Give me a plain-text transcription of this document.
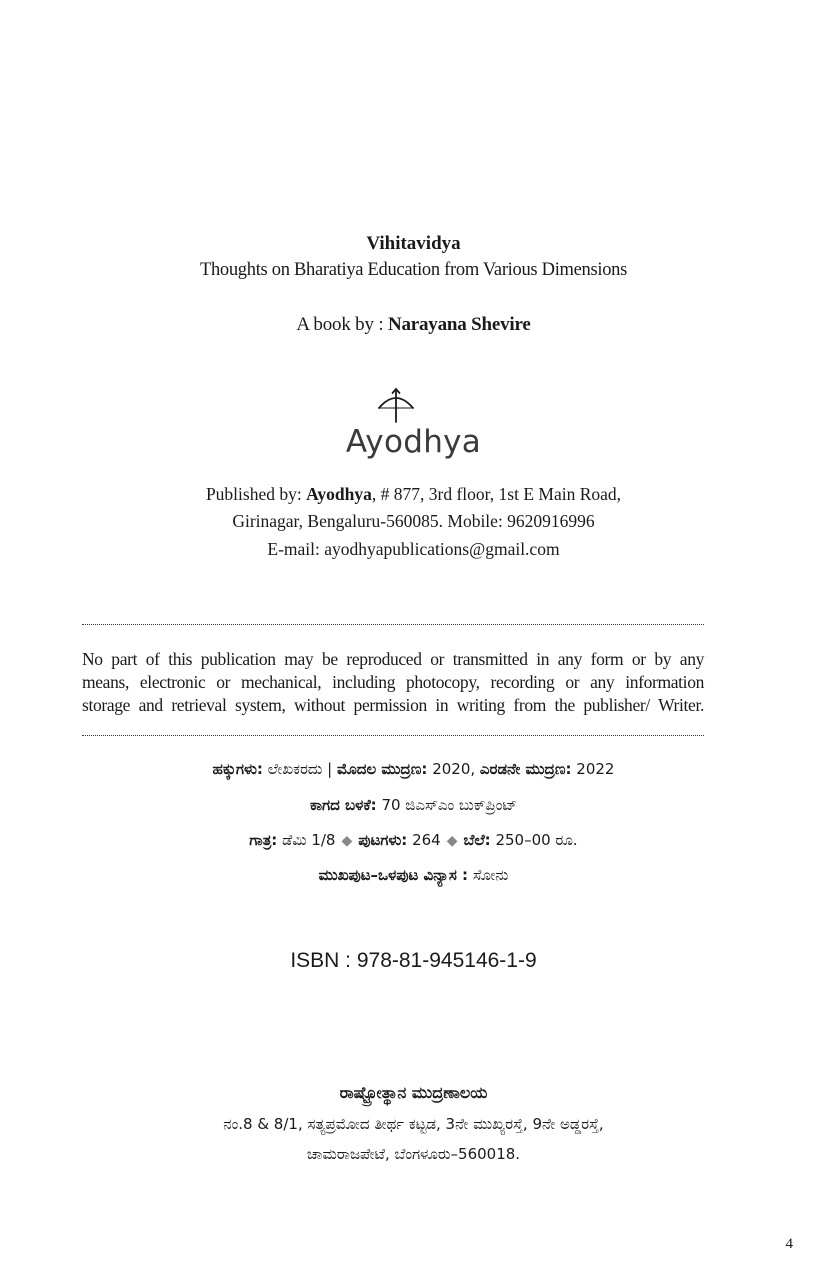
Vihitavidya
Thoughts on Bharatiya Education from Various Dimensions
A book by : Narayana Shevire
Ayodhya
Published by: Ayodhya, # 877, 3rd floor, 1st E Main Road,
Girinagar, Bengaluru-560085. Mobile: 9620916996
E-mail: ayodhyapublications@gmail.com
No part of this publication may be reproduced or transmitted in any form or by any
means, electronic or mechanical, including photocopy, recording or any information
storage and retrieval system, without permission in writing from the publisher/ Writer.
ಹಕ್ಕುಗಳು: ಲೇಖಕರದು | ಮೊದಲ ಮುದ್ರಣ: 2020, ಎರಡನೇ ಮುದ್ರಣ: 2022
ಕಾಗದ ಬಳಕೆ: 70 ಜಿಎಸ್‌ಎಂ ಬುಕ್‌ಪ್ರಿಂಟ್
ಗಾತ್ರ: ಡೆಮಿ 1/8 ◆ ಪುಟಗಳು: 264 ◆ ಬೆಲೆ: 250–00 ರೂ.
ಮುಖಪುಟ–ಒಳಪುಟ ವಿನ್ಯಾಸ : ಸೋನು
ISBN : 978-81-945146-1-9
ರಾಷ್ಟ್ರೋತ್ಥಾನ ಮುದ್ರಣಾಲಯ
ನಂ.8 & 8/1, ಸತ್ಯಪ್ರಮೋದ ತೀರ್ಥ ಕಟ್ಟಡ, 3ನೇ ಮುಖ್ಯರಸ್ತೆ, 9ನೇ ಅಡ್ಡರಸ್ತೆ,
ಚಾಮರಾಜಪೇಟೆ, ಬೆಂಗಳೂರು–560018.
4
